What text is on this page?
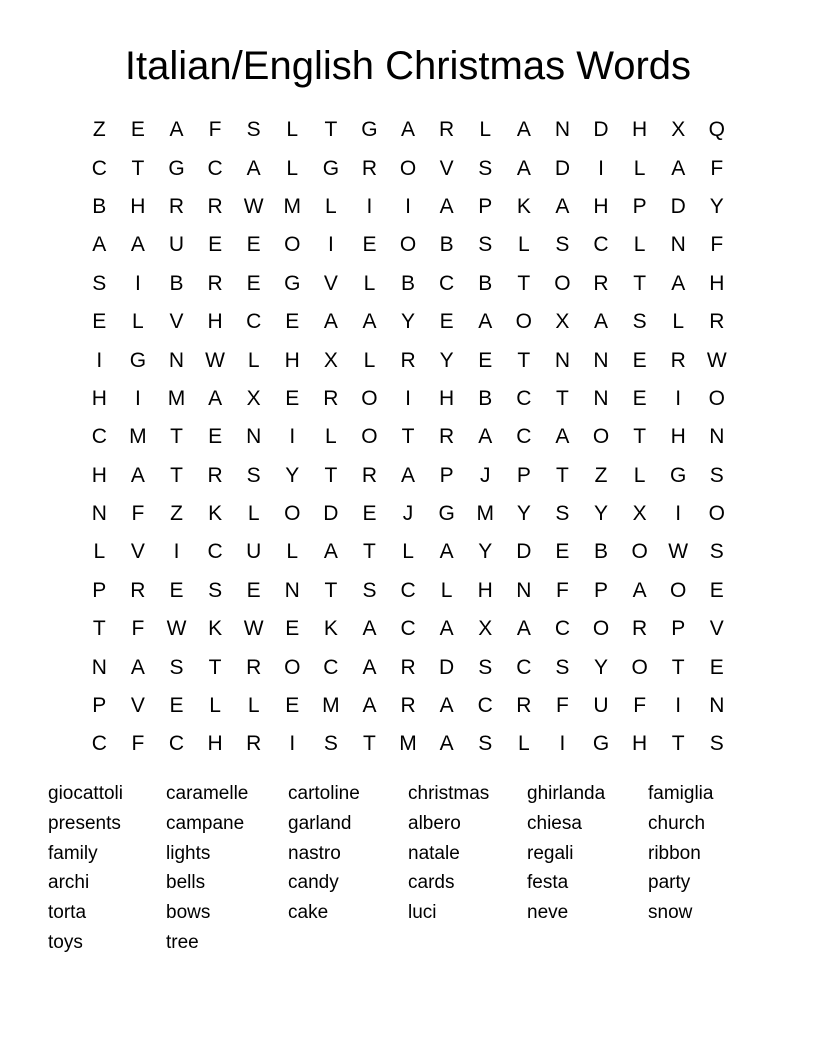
Italian/English Christmas Words
Z	E	A	F	S	L	T	G	A	R	L	A	N	D	H	X	Q
C	T	G	C	A	L	G	R	O	V	S	A	D	I	L	A	F
B	H	R	R	W M	L	I	I	A	P	K	A	H	P	D	Y
A	A	U	E	E	O	I	E	O	B	S	L	S	C	L	N	F
S	I	B	R	E	G	V	L	B	C	B	T	O	R	T	A	H
E	L	V	H	C	E	A	A	Y	E	A	O	X	A	S	L	R
I	G	N	W	L	H	X	L	R	Y	E	T	N	N	E	R	W
H	I	M	A	X	E	R	O	I	H	B	C	T	N	E	I	O
C	M	T	E	N	I	L	O	T	R	A	C	A	O	T	H	N
H	A	T	R	S	Y	T	R	A	P	J	P	T	Z	L	G	S
N	F	Z	K	L	O	D	E	J	G	M	Y	S	Y	X	I	O
L	V	I	C	U	L	A	T	L	A	Y	D	E	B	O W	S
P	R	E	S	E	N	T	S	C	L	H	N	F	P	A	O	E
T	F	W	K	W	E	K	A	C	A	X	A	C	O	R	P	V
N	A	S	T	R	O	C	A	R	D	S	C	S	Y	O	T	E
P	V	E	L	L	E	M	A	R	A	C	R	F	U	F	I	N
C	F	C	H	R	I	S	T	M	A	S	L	I	G	H	T	S
giocattoli
presents
family
archi
torta
toys
caramelle
campane
lights
bells
bows
tree
cartoline
garland
nastro
candy
cake
christmas
albero
natale
cards
luci
ghirlanda
chiesa
regali
festa
neve
famiglia
church
ribbon
party
snow
